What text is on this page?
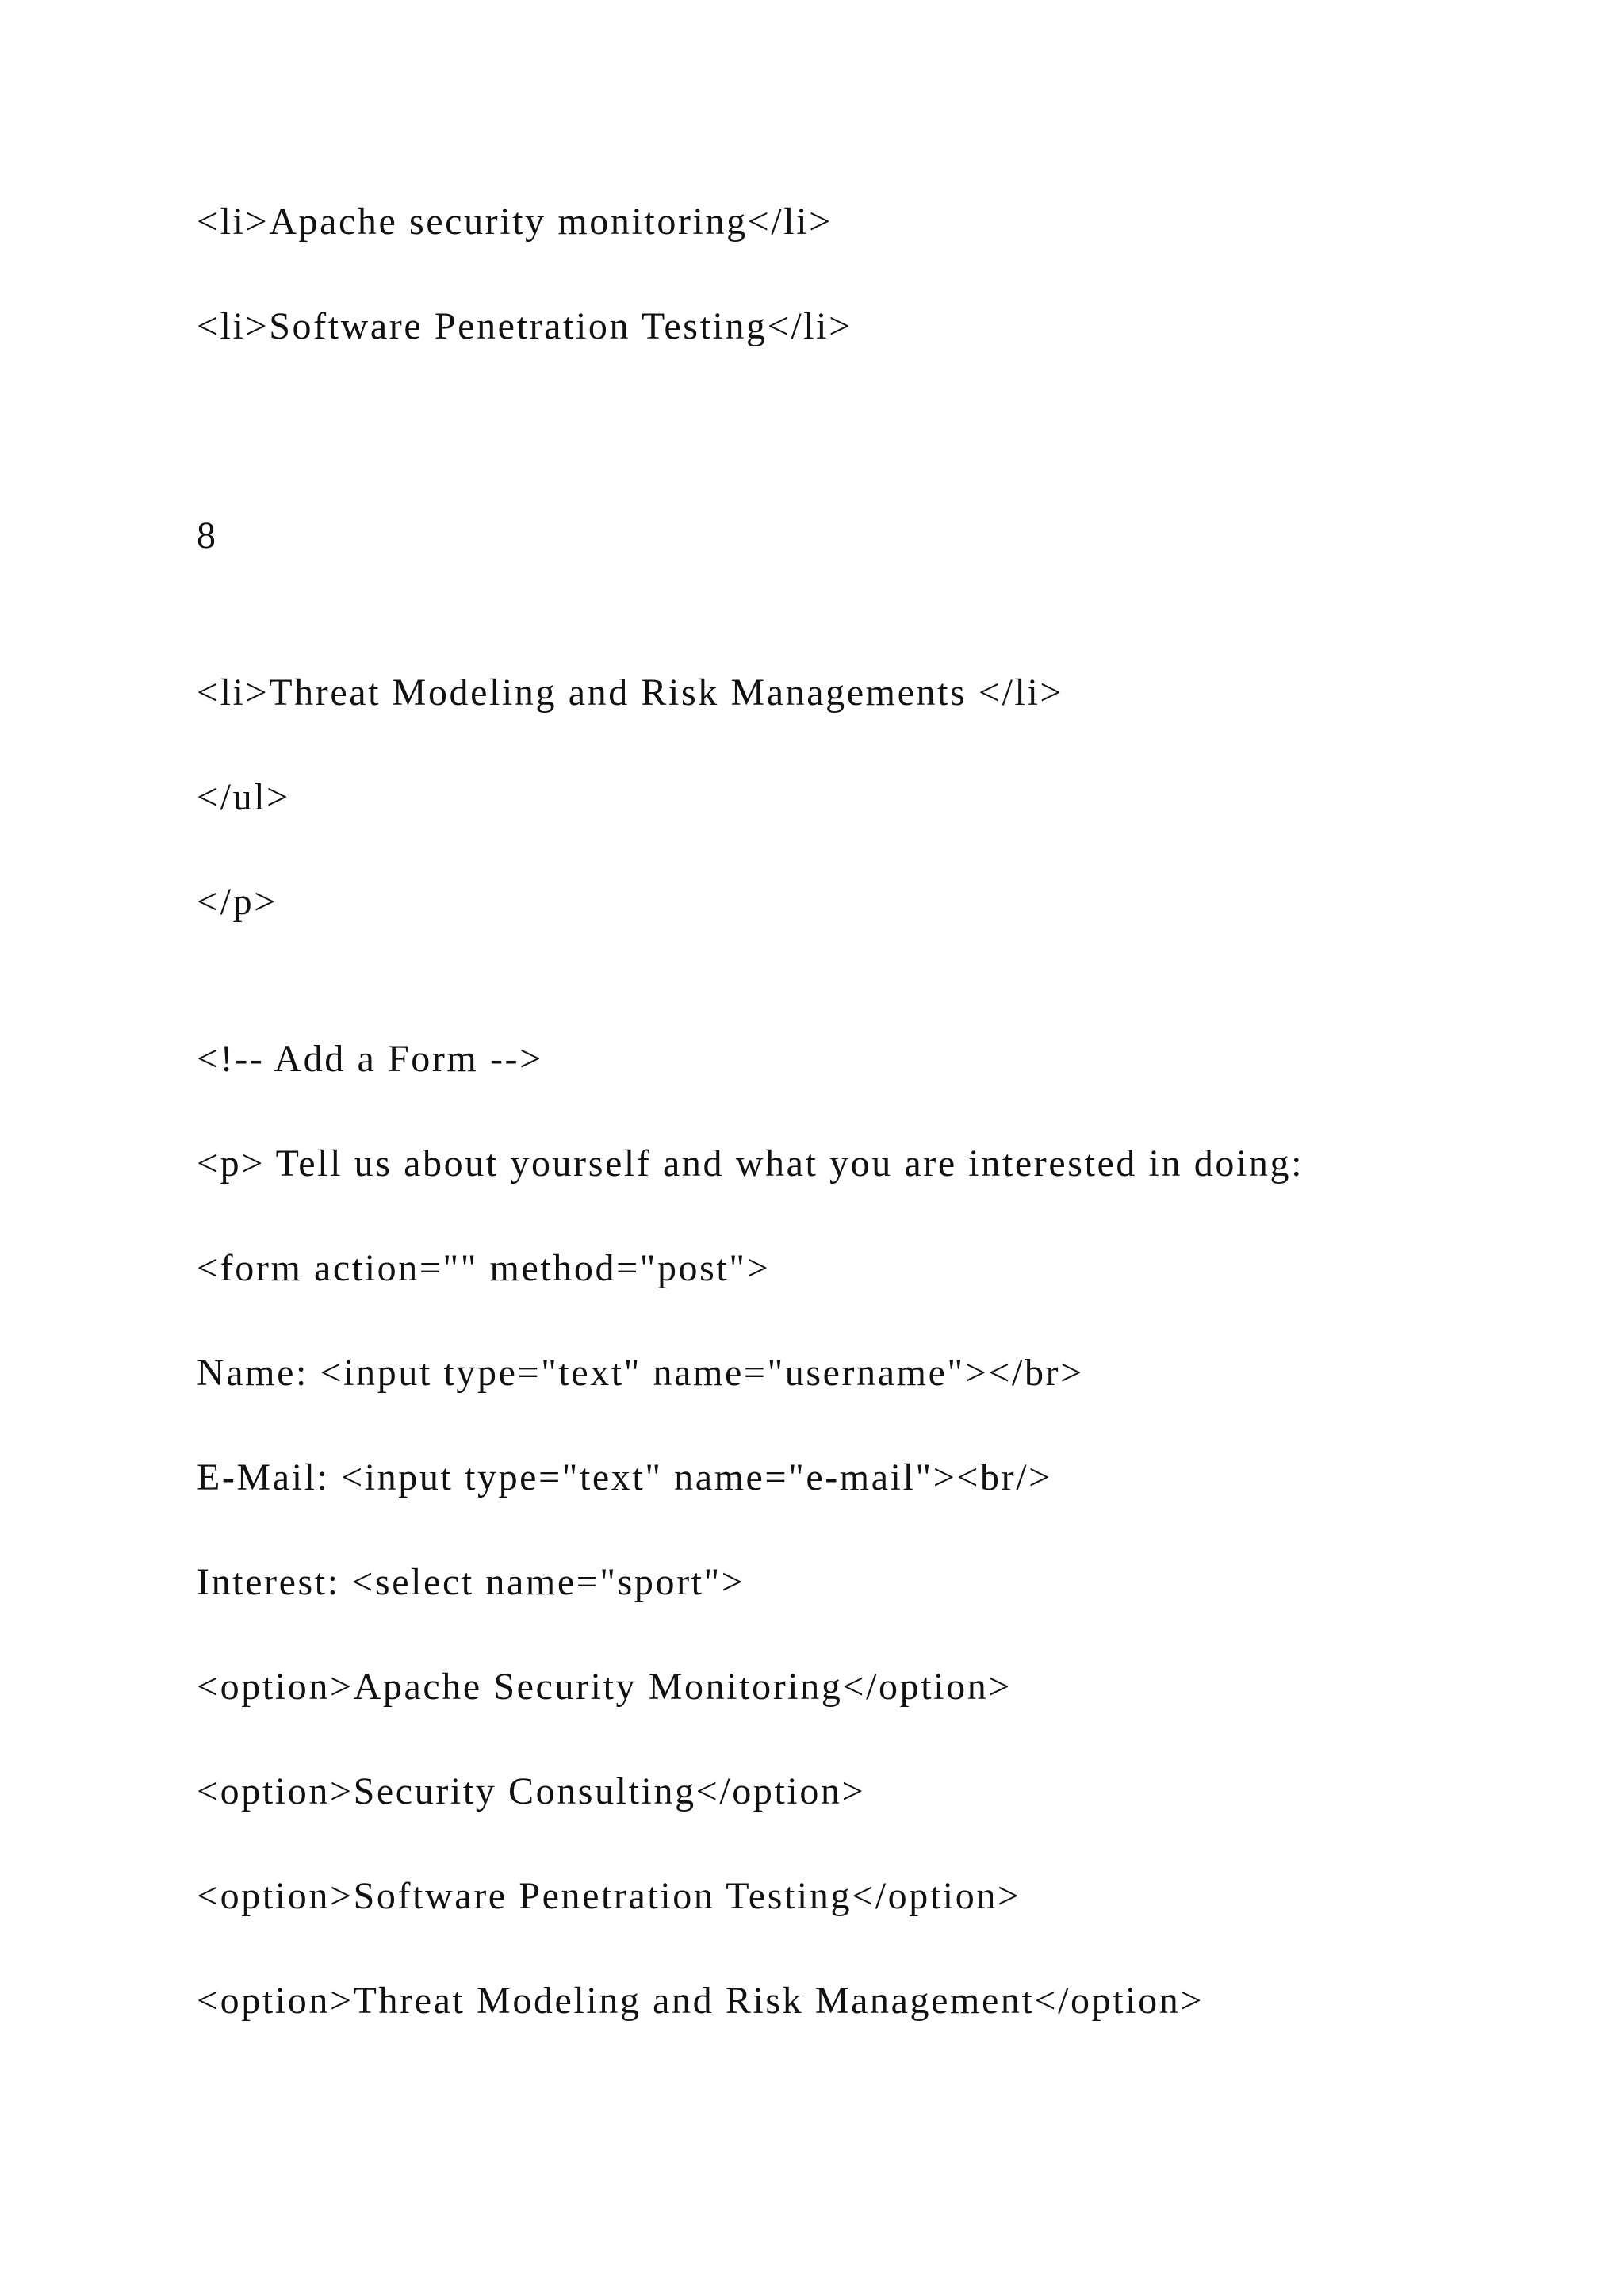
<li>Apache security monitoring</li>

<li>Software Penetration Testing</li>

8

<li>Threat Modeling and Risk Managements </li>

</ul>

</p>

<!-- Add a Form -->

<p> Tell us about yourself and what you are interested in doing:

<form action="" method="post">

Name: <input type="text" name="username"></br>

E-Mail: <input type="text" name="e-mail"><br/>

Interest: <select name="sport">

<option>Apache Security Monitoring</option>

<option>Security Consulting</option>

<option>Software Penetration Testing</option>

<option>Threat Modeling and Risk Management</option>
